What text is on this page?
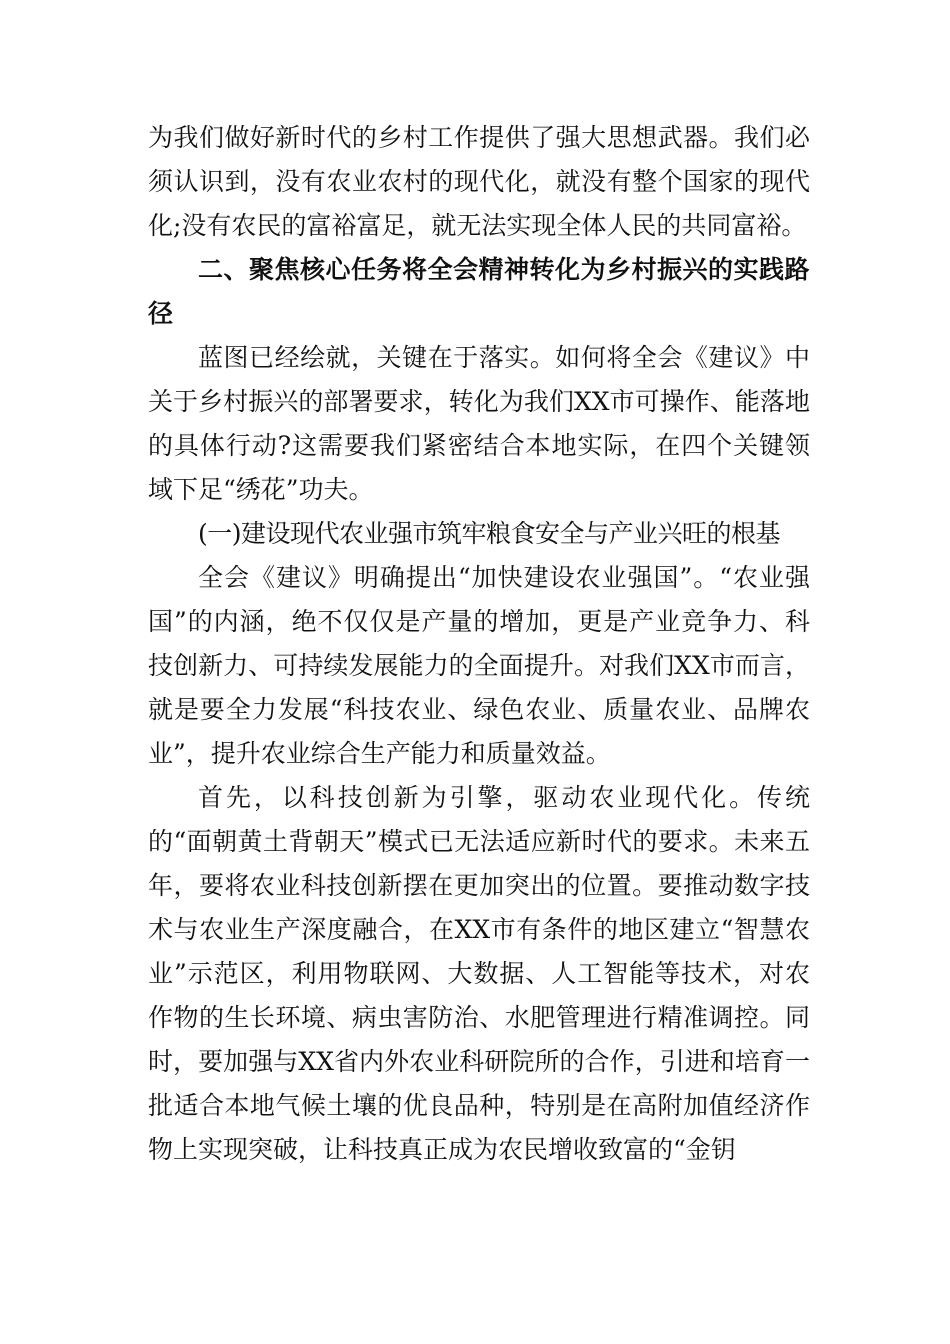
为我们做好新时代的乡村工作提供了强大思想武器。我们必须认识到，没有农业农村的现代化，就没有整个国家的现代化;没有农民的富裕富足，就无法实现全体人民的共同富裕。

二、聚焦核心任务将全会精神转化为乡村振兴的实践路径

蓝图已经绘就，关键在于落实。如何将全会《建议》中关于乡村振兴的部署要求，转化为我们XX市可操作、能落地的具体行动?这需要我们紧密结合本地实际，在四个关键领域下足“绣花”功夫。

(一)建设现代农业强市筑牢粮食安全与产业兴旺的根基

全会《建议》明确提出“加快建设农业强国”。“农业强国”的内涵，绝不仅仅是产量的增加，更是产业竞争力、科技创新力、可持续发展能力的全面提升。对我们XX市而言，就是要全力发展“科技农业、绿色农业、质量农业、品牌农业”，提升农业综合生产能力和质量效益。

首先，以科技创新为引擎，驱动农业现代化。传统的“面朝黄土背朝天”模式已无法适应新时代的要求。未来五年，要将农业科技创新摆在更加突出的位置。要推动数字技术与农业生产深度融合，在XX市有条件的地区建立“智慧农业”示范区，利用物联网、大数据、人工智能等技术，对农作物的生长环境、病虫害防治、水肥管理进行精准调控。同时，要加强与XX省内外农业科研院所的合作，引进和培育一批适合本地气候土壤的优良品种，特别是在高附加值经济作物上实现突破，让科技真正成为农民增收致富的“金钥
